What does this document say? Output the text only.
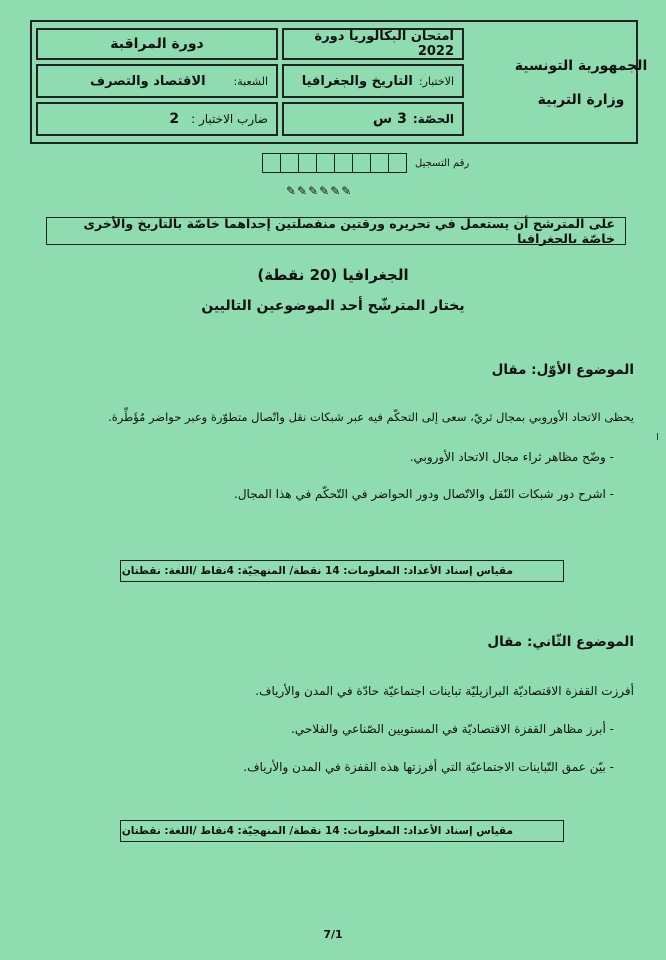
الجمهورية التونسية
وزارة التربية
امتحان البكالوريا دورة 2022
دورة المراقبة
الاختبار:
التاريخ والجغرافيا
الشعبة:
الاقتصاد والتصرف
الحصّة:
3 س
ضارب الاختبار :
2
رقم التسجيل
✎✎✎✎✎✎
على المترشح أن يستعمل في تحريره ورقتين منفصلتين إحداهما خاصّة بالتاريخ والأخرى خاصّة بالجغرافيا
الجغرافيا (20 نقطة)
يختار المترشّح أحد الموضوعين التاليين
الموضوع الأوّل: مقال
يحظى الاتحاد الأوروبي بمجال ثريّ، سعى إلى التحكّم فيه عبر شبكات نقل واتّصال متطوّرة وعبر حواضر مُؤَطِّرة.
I
- وضّح مظاهر ثراء مجال الاتحاد الأوروبي.
- اشرح دور شبكات النّقل والاتّصال ودور الحواضر في التّحكّم في هذا المجال.
مقياس إسناد الأعداد: المعلومات: 14 نقطة/ المنهجيّة: 4نقاط /اللغة: نقطتان
الموضوع الثّاني: مقال
أفرزت القفزة الاقتصاديّة البرازيليّة تباينات اجتماعيّة حادّة في المدن والأرياف.
- أبرز مظاهر القفزة الاقتصاديّة في المستويين الصّناعي والفلاحي.
- بيّن عمق التّباينات الاجتماعيّة التي أفرزتها هذه القفزة في المدن والأرياف.
مقياس إسناد الأعداد: المعلومات: 14 نقطة/ المنهجيّة: 4نقاط /اللغة: نقطتان
7/1
